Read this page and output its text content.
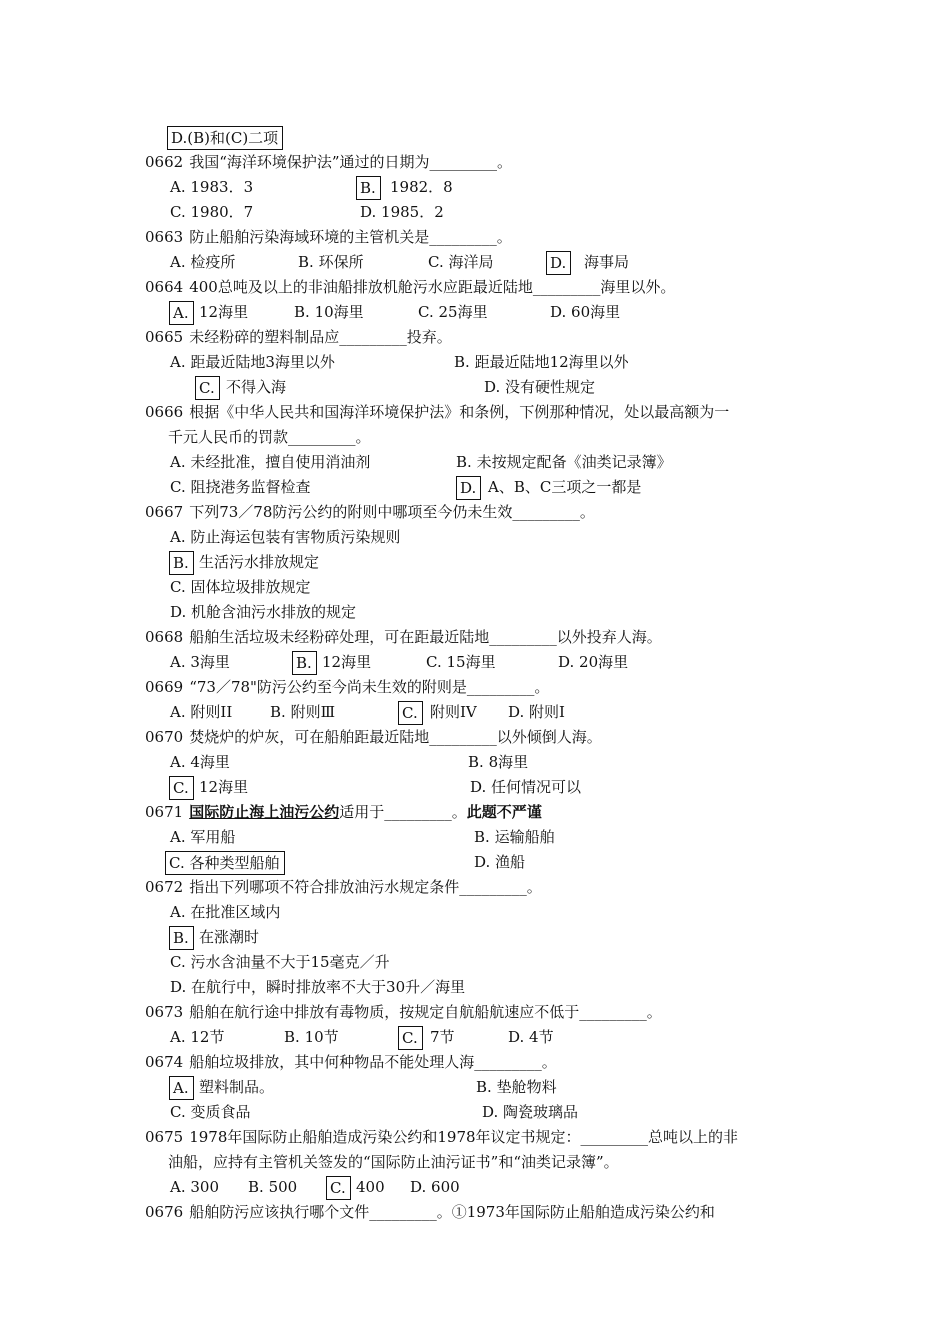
D.(B)和(C)二项
0662 我国“海洋环境保护法”通过的日期为_________。
A. 1983．3	B. 1982．8
C. 1980．7	D. 1985．2
0663 防止船舶污染海域环境的主管机关是_________。
A. 检疫所	B. 环保所	C. 海洋局	D.	海事局
0664 400总吨及以上的非油船排放机舱污水应距最近陆地_________海里以外。
A. 12海里	B. 10海里	C. 25海里	D. 60海里
0665 未经粉碎的塑料制品应_________投弃。
A. 距最近陆地3海里以外	B. 距最近陆地12海里以外
C. 不得入海	D. 没有硬性规定
0666 根据《中华人民共和国海洋环境保护法》和条例，下例那种情况，处以最高额为一
千元人民币的罚款_________。
A. 未经批准，擅自使用消油剂	B. 未按规定配备《油类记录簿》
C. 阻挠港务监督检查	D. A、B、C三项之一都是
0667 下列73／78防污公约的附则中哪项至今仍未生效_________。
A. 防止海运包装有害物质污染规则
B. 生活污水排放规定
C. 固体垃圾排放规定
D. 机舱含油污水排放的规定
0668 船舶生活垃圾未经粉碎处理，可在距最近陆地_________以外投弃人海。
A. 3海里	B. 12海里	C. 15海里	D. 20海里
0669 “73／78"防污公约至今尚未生效的附则是_________。
A. 附则II	B. 附则Ⅲ	C. 附则IV D. 附则Ⅰ
0670 焚烧炉的炉灰，可在船舶距最近陆地_________以外倾倒人海。
A. 4海里	B. 8海里
C. 12海里	D. 任何情况可以
0671 国际防止海上油污公约适用于_________。此题不严谨
A. 军用船	B. 运输船舶
C. 各种类型船舶	D. 渔船
0672 指出下列哪项不符合排放油污水规定条件_________。
A. 在批准区域内
B. 在涨潮时
C. 污水含油量不大于15毫克／升
D. 在航行中，瞬时排放率不大于30升／海里
0673 船舶在航行途中排放有毒物质，按规定自航船航速应不低于_________。
A. 12节	B. 10节	C. 7节	D. 4节
0674 船舶垃圾排放，其中何种物品不能处理人海_________。
A. 塑料制品。	B. 垫舱物料
C. 变质食品	D. 陶瓷玻璃品
0675 1978年国际防止船舶造成污染公约和1978年议定书规定：_________总吨以上的非
油船，应持有主管机关签发的“国际防止油污证书”和“油类记录簿”。
A. 300 B. 500 C. 400 D. 600
0676 船舶防污应该执行哪个文件_________。①1973年国际防止船舶造成污染公约和
